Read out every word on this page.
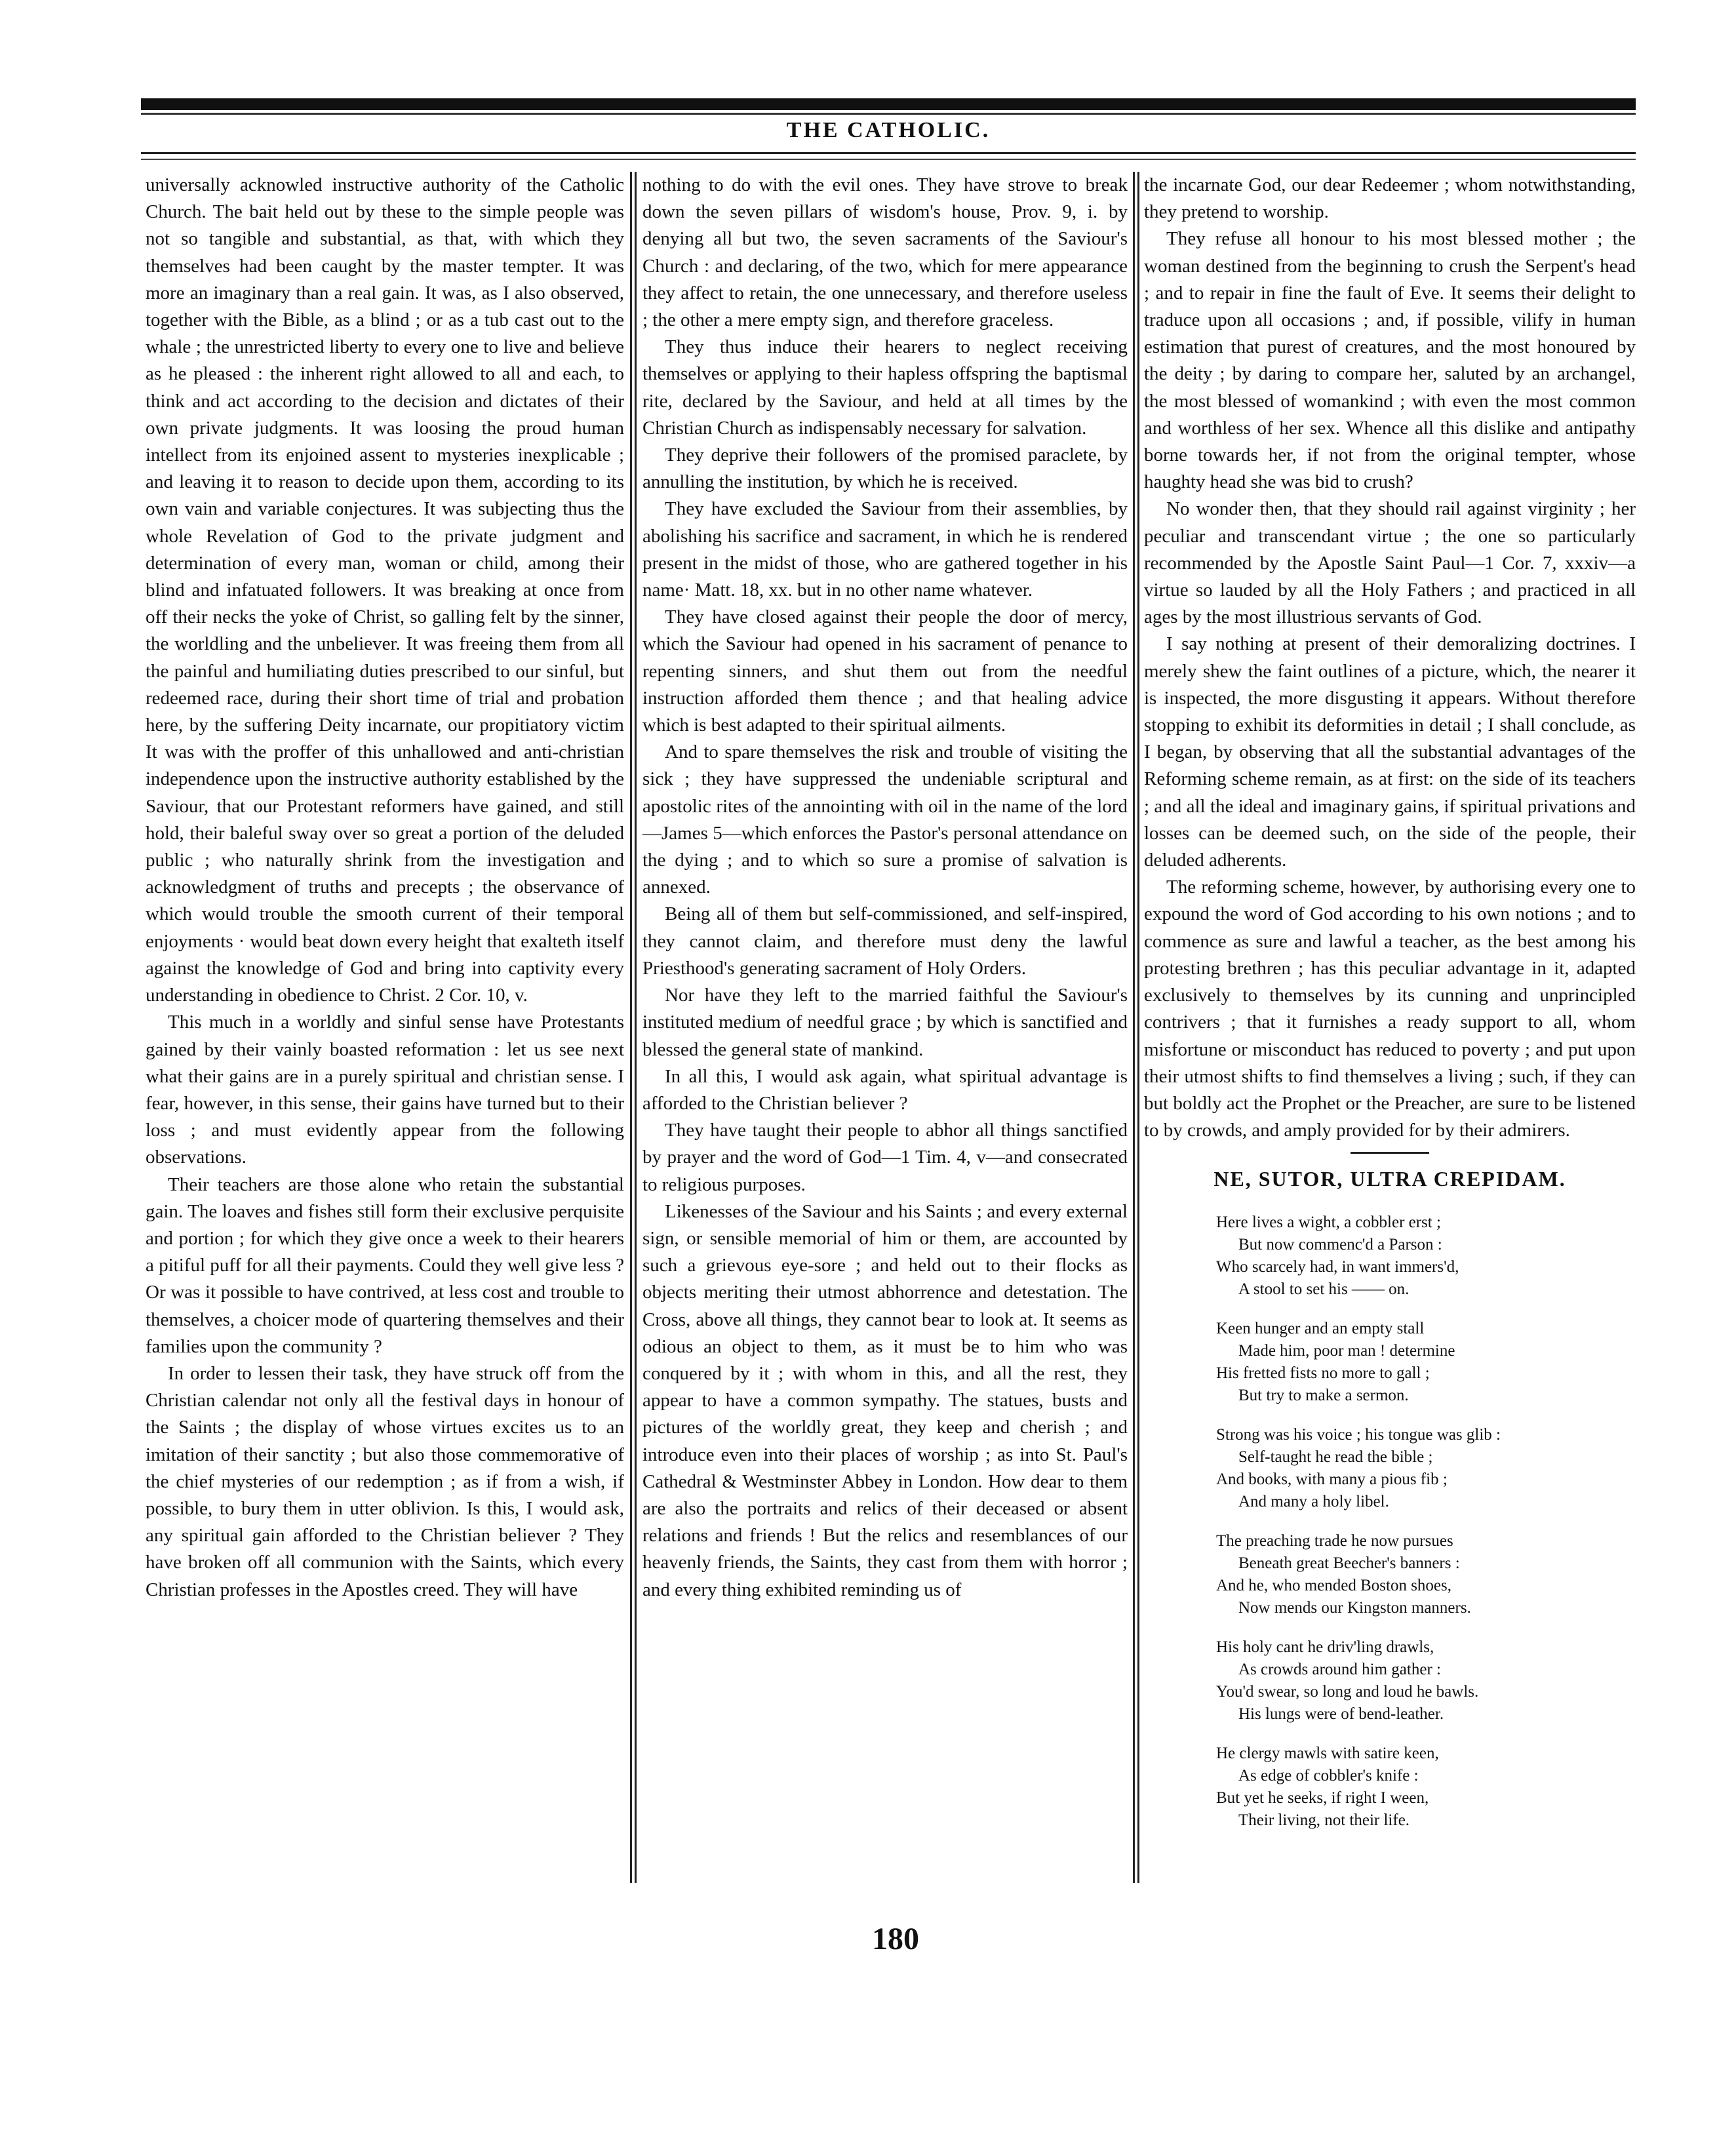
THE CATHOLIC.

universally acknowled instructive authority of the Catholic Church. The bait held out by these to the simple people was not so tangible and substantial, as that, with which they themselves had been caught by the master tempter. It was more an imaginary than a real gain. It was, as I also observed, together with the Bible, as a blind ; or as a tub cast out to the whale ; the unrestricted liberty to every one to live and believe as he pleased : the inherent right allowed to all and each, to think and act according to the decision and dictates of their own private judgments. It was loosing the proud human intellect from its enjoined assent to mysteries inexplicable ; and leaving it to reason to decide upon them, according to its own vain and variable conjectures. It was subjecting thus the whole Revelation of God to the private judgment and determination of every man, woman or child, among their blind and infatuated followers. It was breaking at once from off their necks the yoke of Christ, so galling felt by the sinner, the worldling and the unbeliever. It was freeing them from all the painful and humiliating duties prescribed to our sinful, but redeemed race, during their short time of trial and probation here, by the suffering Deity incarnate, our propitiatory victim It was with the proffer of this unhallowed and anti-christian independence upon the instructive authority established by the Saviour, that our Protestant reformers have gained, and still hold, their baleful sway over so great a portion of the deluded public ; who naturally shrink from the investigation and acknowledgment of truths and precepts ; the observance of which would trouble the smooth current of their temporal enjoyments · would beat down every height that exalteth itself against the knowledge of God and bring into captivity every understanding in obedience to Christ. 2 Cor. 10, v.

This much in a worldly and sinful sense have Protestants gained by their vainly boasted reformation : let us see next what their gains are in a purely spiritual and christian sense. I fear, however, in this sense, their gains have turned but to their loss ; and must evidently appear from the following observations.

Their teachers are those alone who retain the substantial gain. The loaves and fishes still form their exclusive perquisite and portion ; for which they give once a week to their hearers a pitiful puff for all their payments. Could they well give less ? Or was it possible to have contrived, at less cost and trouble to themselves, a choicer mode of quartering themselves and their families upon the community ?

In order to lessen their task, they have struck off from the Christian calendar not only all the festival days in honour of the Saints ; the display of whose virtues excites us to an imitation of their sanctity ; but also those commemorative of the chief mysteries of our redemption ; as if from a wish, if possible, to bury them in utter oblivion. Is this, I would ask, any spiritual gain afforded to the Christian believer ? They have broken off all communion with the Saints, which every Christian professes in the Apostles creed. They will have

nothing to do with the evil ones. They have strove to break down the seven pillars of wisdom's house, Prov. 9, i. by denying all but two, the seven sacraments of the Saviour's Church : and declaring, of the two, which for mere appearance they affect to retain, the one unnecessary, and therefore useless ; the other a mere empty sign, and therefore graceless.

They thus induce their hearers to neglect receiving themselves or applying to their hapless offspring the baptismal rite, declared by the Saviour, and held at all times by the Christian Church as indispensably necessary for salvation.

They deprive their followers of the promised paraclete, by annulling the institution, by which he is received.

They have excluded the Saviour from their assemblies, by abolishing his sacrifice and sacrament, in which he is rendered present in the midst of those, who are gathered together in his name· Matt. 18, xx. but in no other name whatever.

They have closed against their people the door of mercy, which the Saviour had opened in his sacrament of penance to repenting sinners, and shut them out from the needful instruction afforded them thence ; and that healing advice which is best adapted to their spiritual ailments.

And to spare themselves the risk and trouble of visiting the sick ; they have suppressed the undeniable scriptural and apostolic rites of the annointing with oil in the name of the lord—James 5—which enforces the Pastor's personal attendance on the dying ; and to which so sure a promise of salvation is annexed.

Being all of them but self-commissioned, and self-inspired, they cannot claim, and therefore must deny the lawful Priesthood's generating sacrament of Holy Orders.

Nor have they left to the married faithful the Saviour's instituted medium of needful grace ; by which is sanctified and blessed the general state of mankind.

In all this, I would ask again, what spiritual advantage is afforded to the Christian believer ?

They have taught their people to abhor all things sanctified by prayer and the word of God—1 Tim. 4, v—and consecrated to religious purposes.

Likenesses of the Saviour and his Saints ; and every external sign, or sensible memorial of him or them, are accounted by such a grievous eye-sore ; and held out to their flocks as objects meriting their utmost abhorrence and detestation. The Cross, above all things, they cannot bear to look at. It seems as odious an object to them, as it must be to him who was conquered by it ; with whom in this, and all the rest, they appear to have a common sympathy. The statues, busts and pictures of the worldly great, they keep and cherish ; and introduce even into their places of worship ; as into St. Paul's Cathedral & Westminster Abbey in London. How dear to them are also the portraits and relics of their deceased or absent relations and friends ! But the relics and resemblances of our heavenly friends, the Saints, they cast from them with horror ; and every thing exhibited reminding us of

the incarnate God, our dear Redeemer ; whom notwithstanding, they pretend to worship.

They refuse all honour to his most blessed mother ; the woman destined from the beginning to crush the Serpent's head ; and to repair in fine the fault of Eve. It seems their delight to traduce upon all occasions ; and, if possible, vilify in human estimation that purest of creatures, and the most honoured by the deity ; by daring to compare her, saluted by an archangel, the most blessed of womankind ; with even the most common and worthless of her sex. Whence all this dislike and antipathy borne towards her, if not from the original tempter, whose haughty head she was bid to crush?

No wonder then, that they should rail against virginity ; her peculiar and transcendant virtue ; the one so particularly recommended by the Apostle Saint Paul—1 Cor. 7, xxxiv—a virtue so lauded by all the Holy Fathers ; and practiced in all ages by the most illustrious servants of God.

I say nothing at present of their demoralizing doctrines. I merely shew the faint outlines of a picture, which, the nearer it is inspected, the more disgusting it appears. Without therefore stopping to exhibit its deformities in detail ; I shall conclude, as I began, by observing that all the substantial advantages of the Reforming scheme remain, as at first: on the side of its teachers ; and all the ideal and imaginary gains, if spiritual privations and losses can be deemed such, on the side of the people, their deluded adherents.

The reforming scheme, however, by authorising every one to expound the word of God according to his own notions ; and to commence as sure and lawful a teacher, as the best among his protesting brethren ; has this peculiar advantage in it, adapted exclusively to themselves by its cunning and unprincipled contrivers ; that it furnishes a ready support to all, whom misfortune or misconduct has reduced to poverty ; and put upon their utmost shifts to find themselves a living ; such, if they can but boldly act the Prophet or the Preacher, are sure to be listened to by crowds, and amply provided for by their admirers.

NE, SUTOR, ULTRA CREPIDAM.
Here lives a wight, a cobbler erst ;
But now commenc'd a Parson :
Who scarcely had, in want immers'd,
A stool to set his —— on.
Keen hunger and an empty stall
Made him, poor man ! determine
His fretted fists no more to gall ;
But try to make a sermon.
Strong was his voice ; his tongue was glib :
Self-taught he read the bible ;
And books, with many a pious fib ;
And many a holy libel.
The preaching trade he now pursues
Beneath great Beecher's banners :
And he, who mended Boston shoes,
Now mends our Kingston manners.
His holy cant he driv'ling drawls,
As crowds around him gather :
You'd swear, so long and loud he bawls.
His lungs were of bend-leather.
He clergy mawls with satire keen,
As edge of cobbler's knife :
But yet he seeks, if right I ween,
Their living, not their life.
180
